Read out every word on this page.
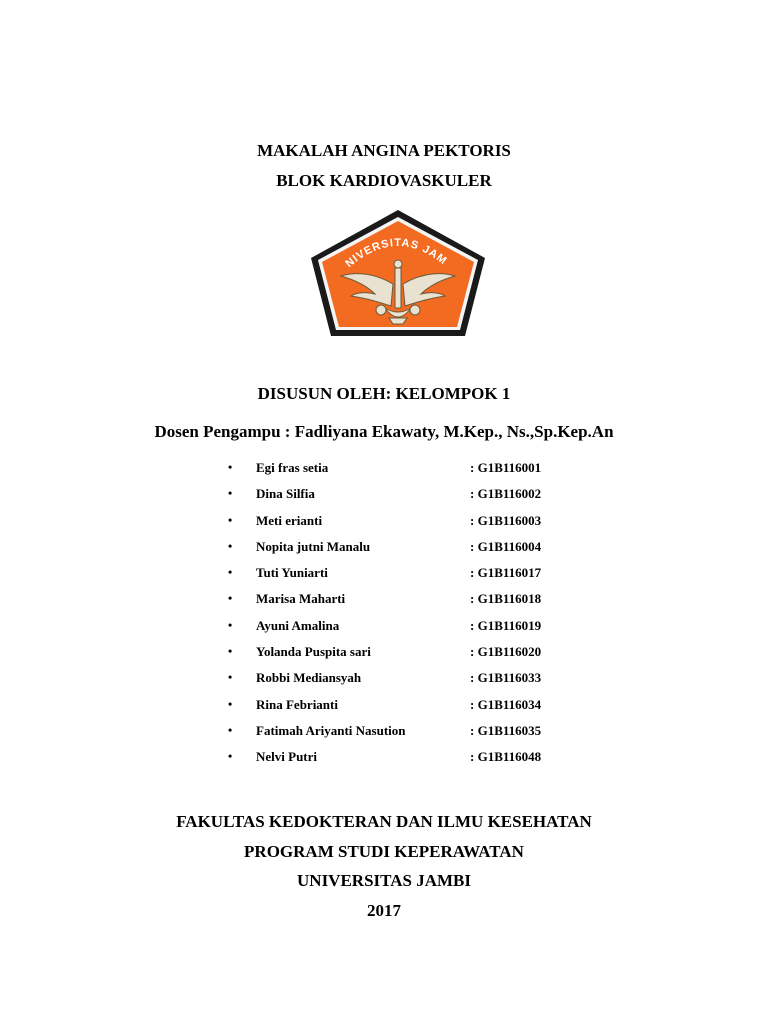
MAKALAH ANGINA PEKTORIS
BLOK KARDIOVASKULER
NIVERSITAS JAM
DISUSUN OLEH: KELOMPOK 1
Dosen Pengampu : Fadliyana Ekawaty, M.Kep., Ns.,Sp.Kep.An
• Egi fras setia	: G1B116001
• Dina Silfia	: G1B116002
• Meti erianti	: G1B116003
• Nopita jutni Manalu	: G1B116004
• Tuti Yuniarti	: G1B116017
• Marisa Maharti	: G1B116018
• Ayuni Amalina	: G1B116019
• Yolanda Puspita sari	: G1B116020
• Robbi Mediansyah	: G1B116033
• Rina Febrianti	: G1B116034
• Fatimah Ariyanti Nasution	: G1B116035
• Nelvi Putri	: G1B116048
FAKULTAS KEDOKTERAN DAN ILMU KESEHATAN
PROGRAM STUDI KEPERAWATAN
UNIVERSITAS JAMBI
2017
